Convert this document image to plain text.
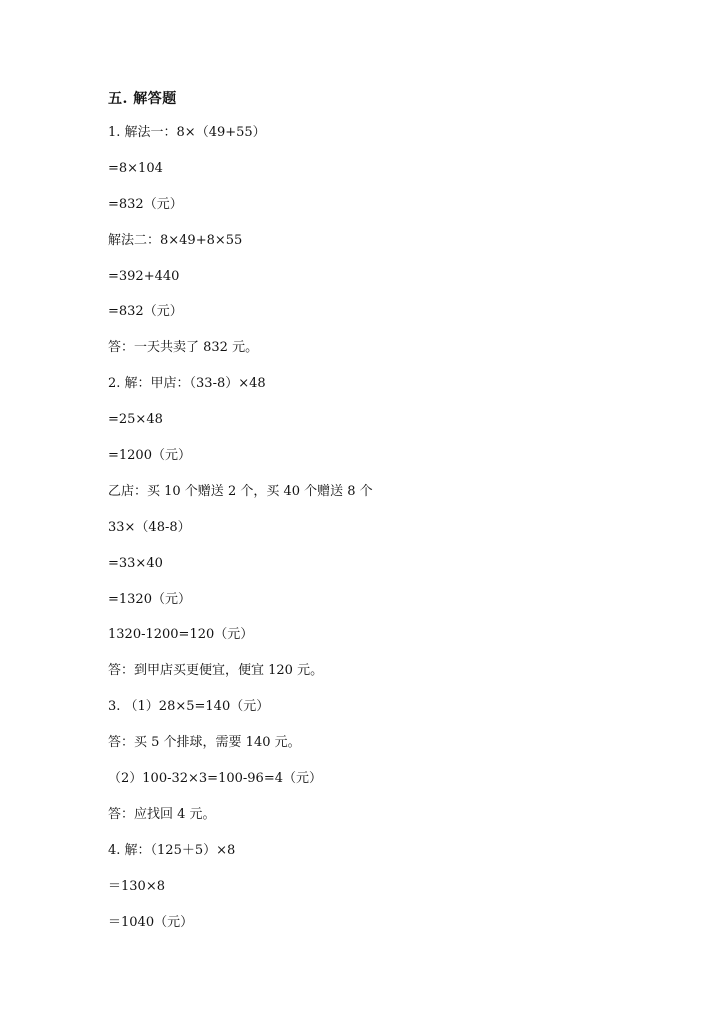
五. 解答题
1. 解法一：8×（49+55）
=8×104
=832（元）
解法二：8×49+8×55
=392+440
=832（元）
答：一天共卖了 832 元。
2. 解：甲店：（33-8）×48
=25×48
=1200（元）
乙店：买 10 个赠送 2 个，买 40 个赠送 8 个
33×（48-8）
=33×40
=1320（元）
1320-1200=120（元）
答：到甲店买更便宜，便宜 120 元。
3. （1）28×5=140（元）
答：买 5 个排球，需要 140 元。
（2）100-32×3=100-96=4（元）
答：应找回 4 元。
4. 解：（125＋5）×8
＝130×8
＝1040（元）
